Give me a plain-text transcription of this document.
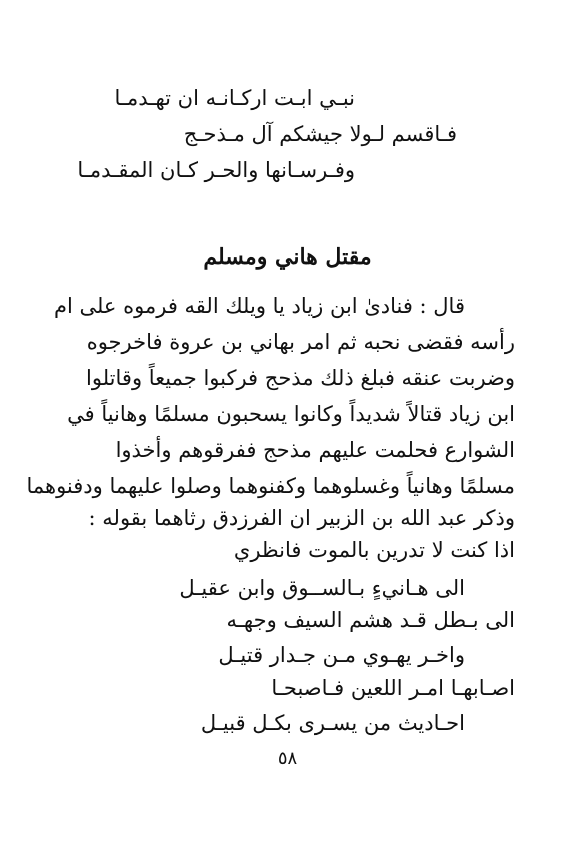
نبـي ابـت اركـانـه ان تهـدمـا

فـاقسم لـولا جيشكم آل مـذحـج

وفـرسـانها والحـر كـان المقـدمـا

مقتل هاني ومسلم

قال : فنادىٰ ابن زياد يا ويلك القه فرموه على ام

رأسه فقضى نحبه ثم امر بهاني بن عروة فاخرجوه

وضربت عنقه فبلغ ذلك مذحج فركبوا جميعاً وقاتلوا

ابن زياد قتالاً شديداً وكانوا يسحبون مسلمًا وهانياً في

الشوارع فحلمت عليهم مذحج ففرقوهم وأخذوا

مسلمًا وهانياً وغسلوهما وكفنوهما وصلوا عليهما ودفنوهما

وذكر عبد الله بن الزبير ان الفرزدق رثاهما بقوله :

اذا كنت لا تدرين بالموت فانظري

الى هـانيءٍ بـالســوق وابن عقيـل

الى بـطل قـد هشم السيف وجهـه

واخـر يهـوي مـن جـدار قتيـل

اصـابهـا امـر اللعين فـاصبحـا

احـاديث من يسـرى بكـل قبيـل

٥٨
